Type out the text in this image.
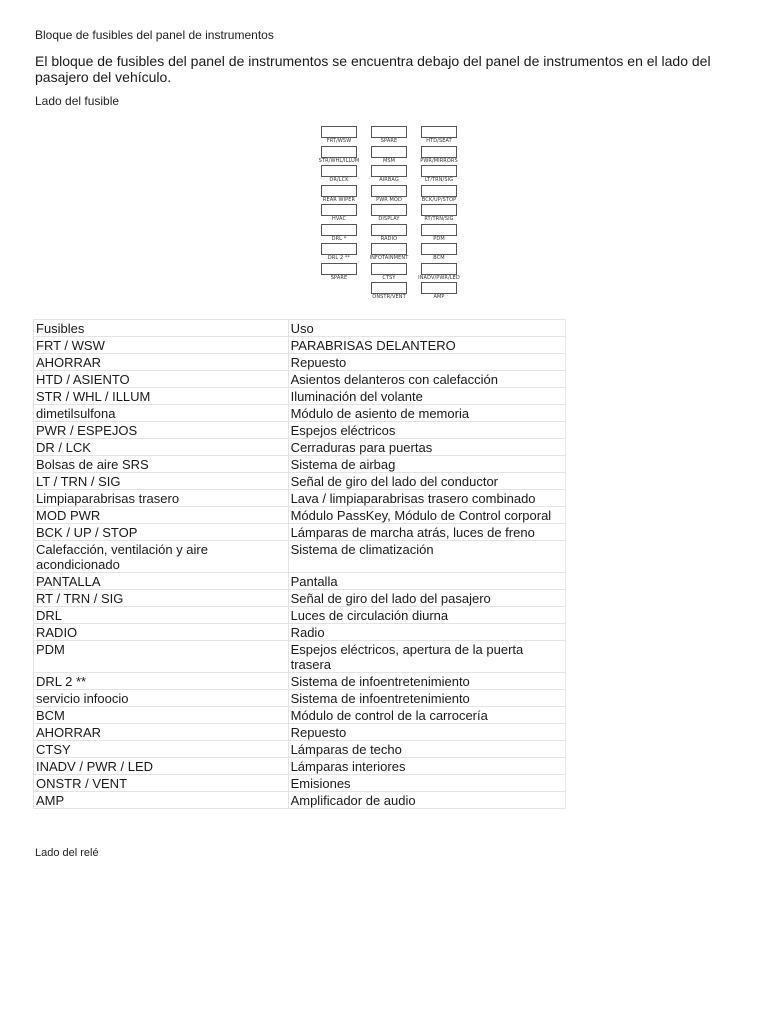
Bloque de fusibles del panel de instrumentos
El bloque de fusibles del panel de instrumentos se encuentra debajo del panel de instrumentos en el lado del pasajero del vehículo.
Lado del fusible
FRT/WSW	SPARE	HTD/SEAT
STR/WHL/ILLUM	MSM	PWR/MIRRORS
DR/LCK	AIRBAG	LT/TRN/SIG
REAR WIPER	PWR MOD	BCK/UP/STOP
HVAC	DISPLAY	RT/TRN/SIG
DRL *	RADIO	PDM
DRL 2 **	INFOTAINMENT	BCM
SPARE	CTSY	INADV/PWR/LED
ONSTR/VENT	AMP
Fusibles	Uso
FRT / WSW	PARABRISAS DELANTERO
AHORRAR	Repuesto
HTD / ASIENTO	Asientos delanteros con calefacción
STR / WHL / ILLUM	Iluminación del volante
dimetilsulfona	Módulo de asiento de memoria
PWR / ESPEJOS	Espejos eléctricos
DR / LCK	Cerraduras para puertas
Bolsas de aire SRS	Sistema de airbag
LT / TRN / SIG	Señal de giro del lado del conductor
Limpiaparabrisas trasero	Lava / limpiaparabrisas trasero combinado
MOD PWR	Módulo PassKey, Módulo de Control corporal
BCK / UP / STOP	Lámparas de marcha atrás, luces de freno
Calefacción, ventilación y aire acondicionado	Sistema de climatización
PANTALLA	Pantalla
RT / TRN / SIG	Señal de giro del lado del pasajero
DRL	Luces de circulación diurna
RADIO	Radio
PDM	Espejos eléctricos, apertura de la puerta trasera
DRL 2 **	Sistema de infoentretenimiento
servicio infoocio	Sistema de infoentretenimiento
BCM	Módulo de control de la carrocería
AHORRAR	Repuesto
CTSY	Lámparas de techo
INADV / PWR / LED	Lámparas interiores
ONSTR / VENT	Emisiones
AMP	Amplificador de audio
Lado del relé
